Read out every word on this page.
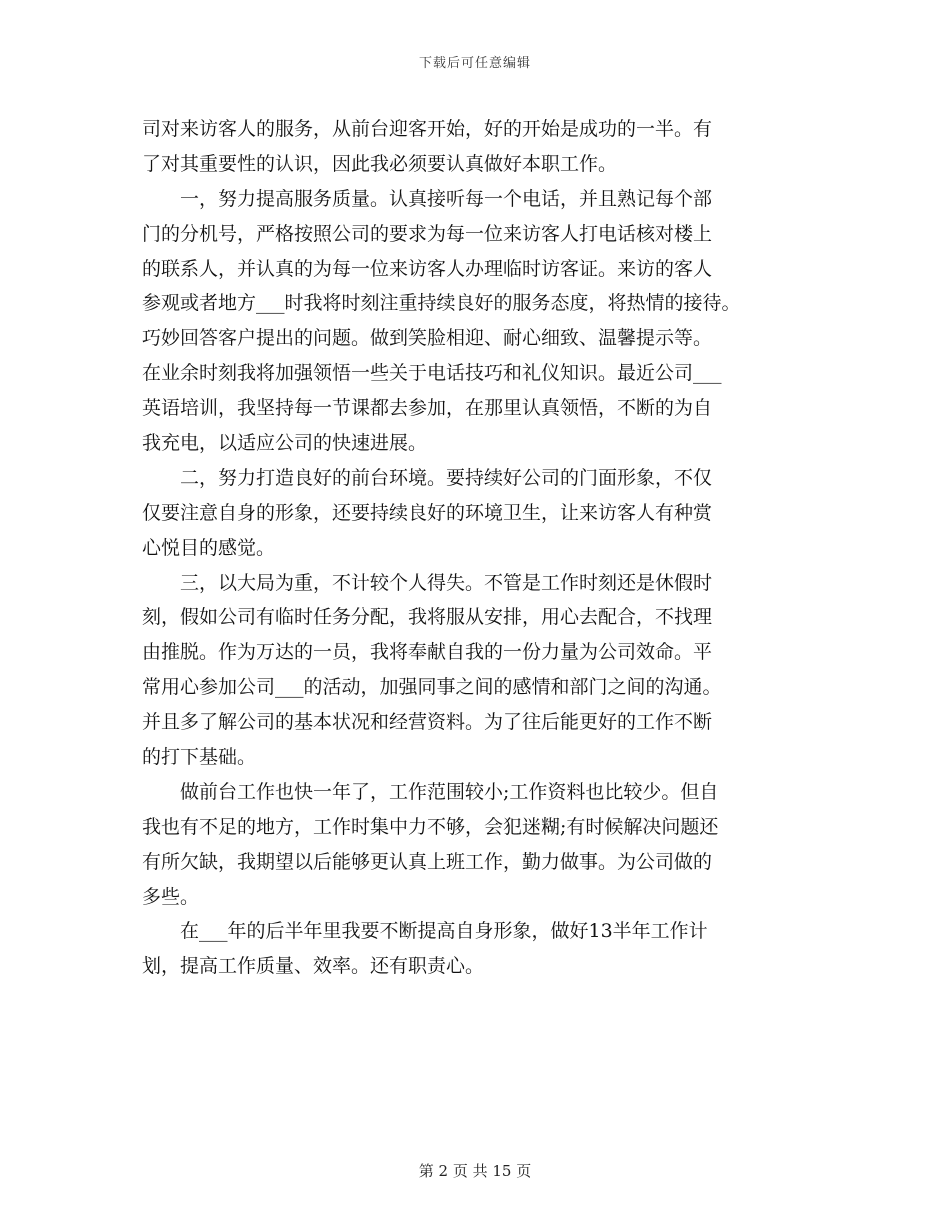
下载后可任意编辑
司对来访客人的服务，从前台迎客开始，好的开始是成功的一半。有
了对其重要性的认识，因此我必须要认真做好本职工作。
　　一，努力提高服务质量。认真接听每一个电话，并且熟记每个部
门的分机号，严格按照公司的要求为每一位来访客人打电话核对楼上
的联系人，并认真的为每一位来访客人办理临时访客证。来访的客人
参观或者地方___时我将时刻注重持续良好的服务态度，将热情的接待。
巧妙回答客户提出的问题。做到笑脸相迎、耐心细致、温馨提示等。
在业余时刻我将加强领悟一些关于电话技巧和礼仪知识。最近公司___
英语培训，我坚持每一节课都去参加，在那里认真领悟，不断的为自
我充电，以适应公司的快速进展。
　　二，努力打造良好的前台环境。要持续好公司的门面形象，不仅
仅要注意自身的形象，还要持续良好的环境卫生，让来访客人有种赏
心悦目的感觉。
　　三，以大局为重，不计较个人得失。不管是工作时刻还是休假时
刻，假如公司有临时任务分配，我将服从安排，用心去配合，不找理
由推脱。作为万达的一员，我将奉献自我的一份力量为公司效命。平
常用心参加公司___的活动，加强同事之间的感情和部门之间的沟通。
并且多了解公司的基本状况和经营资料。为了往后能更好的工作不断
的打下基础。
　　做前台工作也快一年了，工作范围较小;工作资料也比较少。但自
我也有不足的地方，工作时集中力不够，会犯迷糊;有时候解决问题还
有所欠缺，我期望以后能够更认真上班工作，勤力做事。为公司做的
多些。
　　在___年的后半年里我要不断提高自身形象，做好13半年工作计
划，提高工作质量、效率。还有职责心。
第 2 页 共 15 页
